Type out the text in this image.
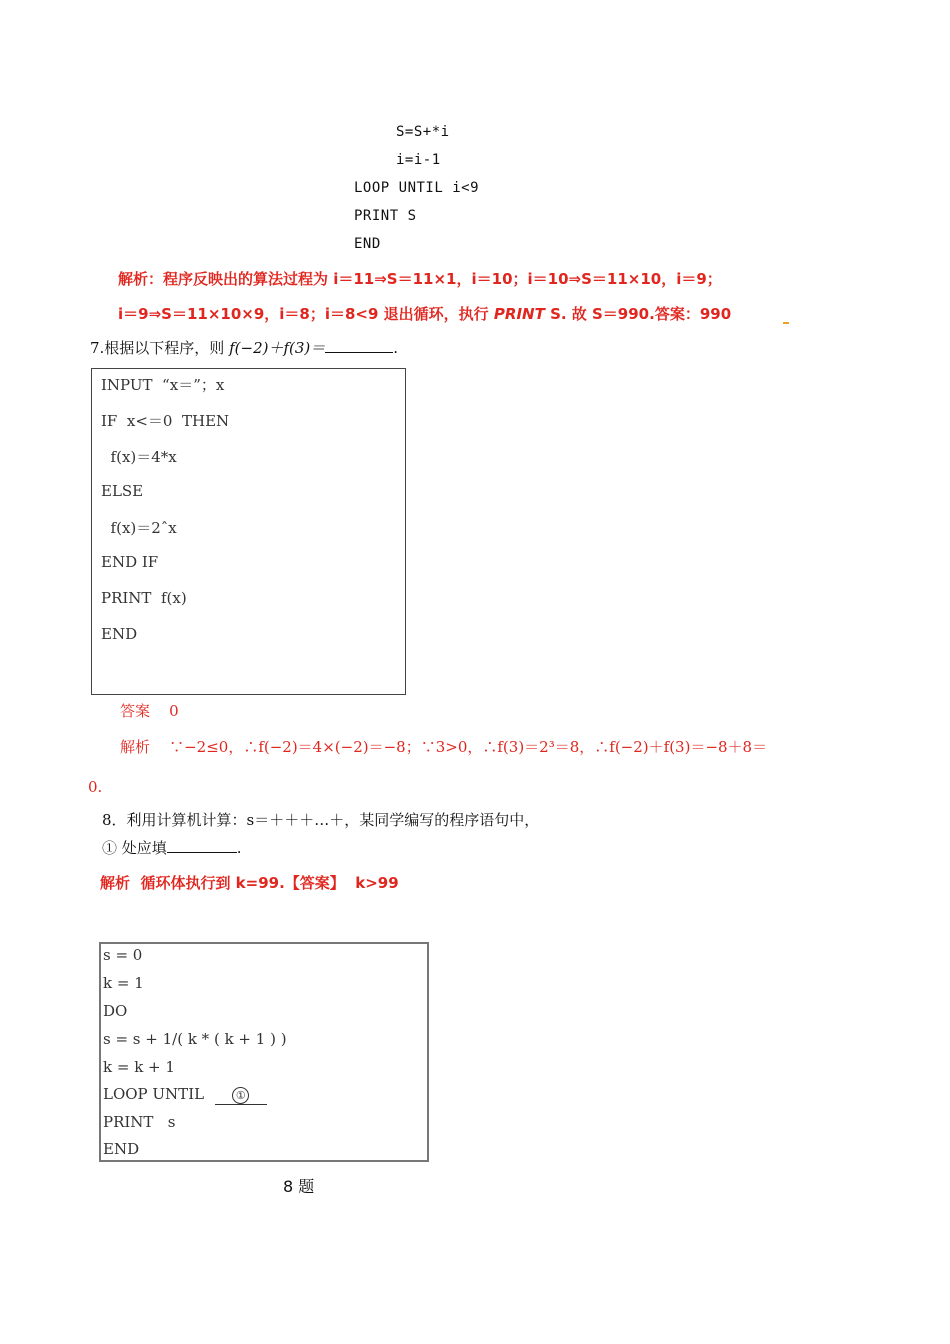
S=S+*i
i=i-1
LOOP UNTIL i<9
PRINT S
END
解析：程序反映出的算法过程为 i＝11⇒S＝11×1，i＝10；i＝10⇒S＝11×10，i＝9；
i＝9⇒S＝11×10×9，i＝8；i＝8<9 退出循环，执行 PRINT S. 故 S＝990.答案：990
7.根据以下程序，则 f(−2)＋f(3)＝	.
INPUT  “x＝”；x
IF  x<＝0  THEN
f(x)＝4*x
ELSE
f(x)＝2ˆx
END IF
PRINT  f(x)
END
答案 0
解析 ∵−2≤0，∴f(−2)＝4×(−2)＝−8；∵3>0，∴f(3)＝2³＝8，∴f(−2)＋f(3)＝−8＋8＝
0.
8．利用计算机计算：s＝＋＋＋…＋，某同学编写的程序语句中，
① 处应填	.
解析  循环体执行到 k=99.【答案】  k>99
s = 0
k = 1
DO
s = s + 1/( k * ( k + 1 ) )
k = k + 1
LOOP UNTIL	①
PRINT   s
END
8 题
